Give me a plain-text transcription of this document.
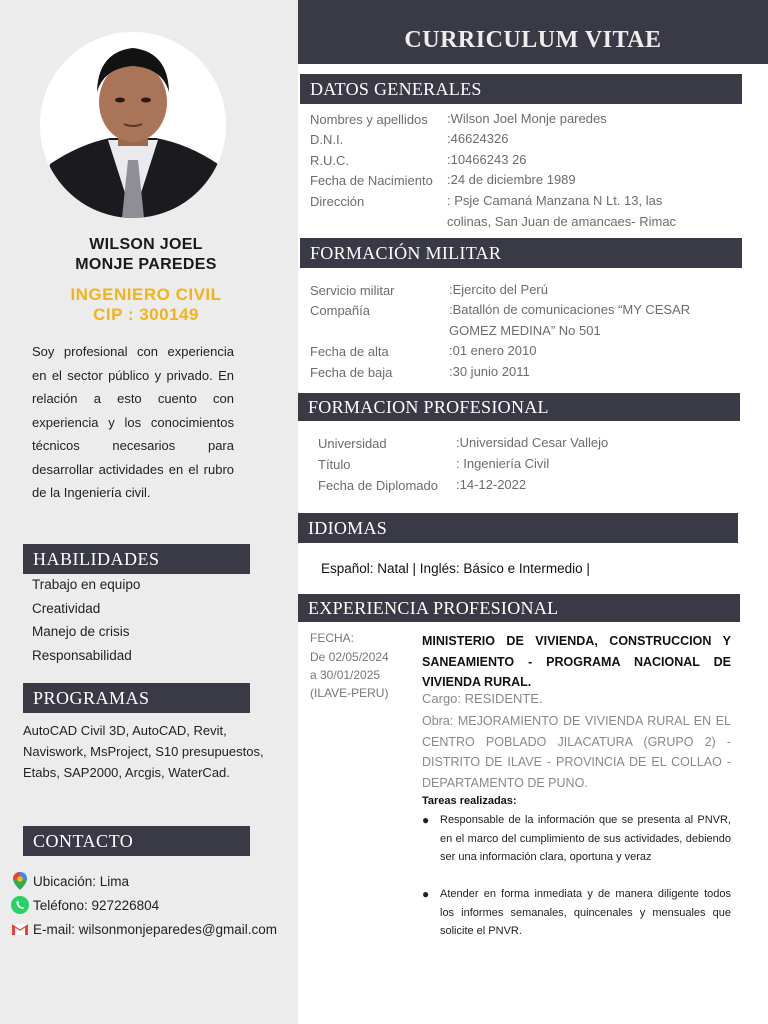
WILSON JOEL
MONJE PAREDES
INGENIERO CIVIL
CIP : 300149
Soy profesional con experiencia en el sector público y privado. En relación a esto cuento con experiencia y los conocimientos técnicos necesarios para desarrollar actividades en el rubro de la Ingeniería civil.
HABILIDADES
Trabajo en equipo
Creatividad
Manejo de crisis
Responsabilidad
PROGRAMAS
AutoCAD Civil 3D, AutoCAD, Revit, Naviswork, MsProject, S10 presupuestos, Etabs, SAP2000, Arcgis, WaterCad.
CONTACTO
Ubicación: Lima
Teléfono: 927226804
E-mail: wilsonmonjeparedes@gmail.com
CURRICULUM VITAE
DATOS GENERALES
Nombres y apellidos :Wilson Joel Monje paredes
D.N.I.	:46624326
R.U.C.	:10466243 26
Fecha de Nacimiento :24 de diciembre 1989
Dirección	: Psje Camaná Manzana N Lt. 13, las colinas, San Juan de amancaes- Rimac
FORMACIÓN MILITAR
Servicio militar	:Ejercito del Perú
Compañía	:Batallón de comunicaciones “MY CESAR GOMEZ MEDINA” No 501
Fecha de alta	:01 enero 2010
Fecha de baja	:30 junio 2011
FORMACION PROFESIONAL
Universidad	:Universidad Cesar Vallejo
Título	: Ingeniería Civil
Fecha de Diplomado :14-12-2022
IDIOMAS
Español: Natal | Inglés: Básico e Intermedio |
EXPERIENCIA PROFESIONAL
FECHA:
De 02/05/2024
a 30/01/2025
(ILAVE-PERU)
MINISTERIO DE VIVIENDA, CONSTRUCCION Y SANEAMIENTO - PROGRAMA NACIONAL DE VIVIENDA RURAL.
Cargo: RESIDENTE.
Obra: MEJORAMIENTO DE VIVIENDA RURAL EN EL CENTRO POBLADO JILACATURA (GRUPO 2) - DISTRITO DE ILAVE - PROVINCIA DE EL COLLAO - DEPARTAMENTO DE PUNO.
Tareas realizadas:
● Responsable de la información que se presenta al PNVR, en el marco del cumplimiento de sus actividades, debiendo ser una información clara, oportuna y veraz
● Atender en forma inmediata y de manera diligente todos los informes semanales, quincenales y mensuales que solicite el PNVR.
